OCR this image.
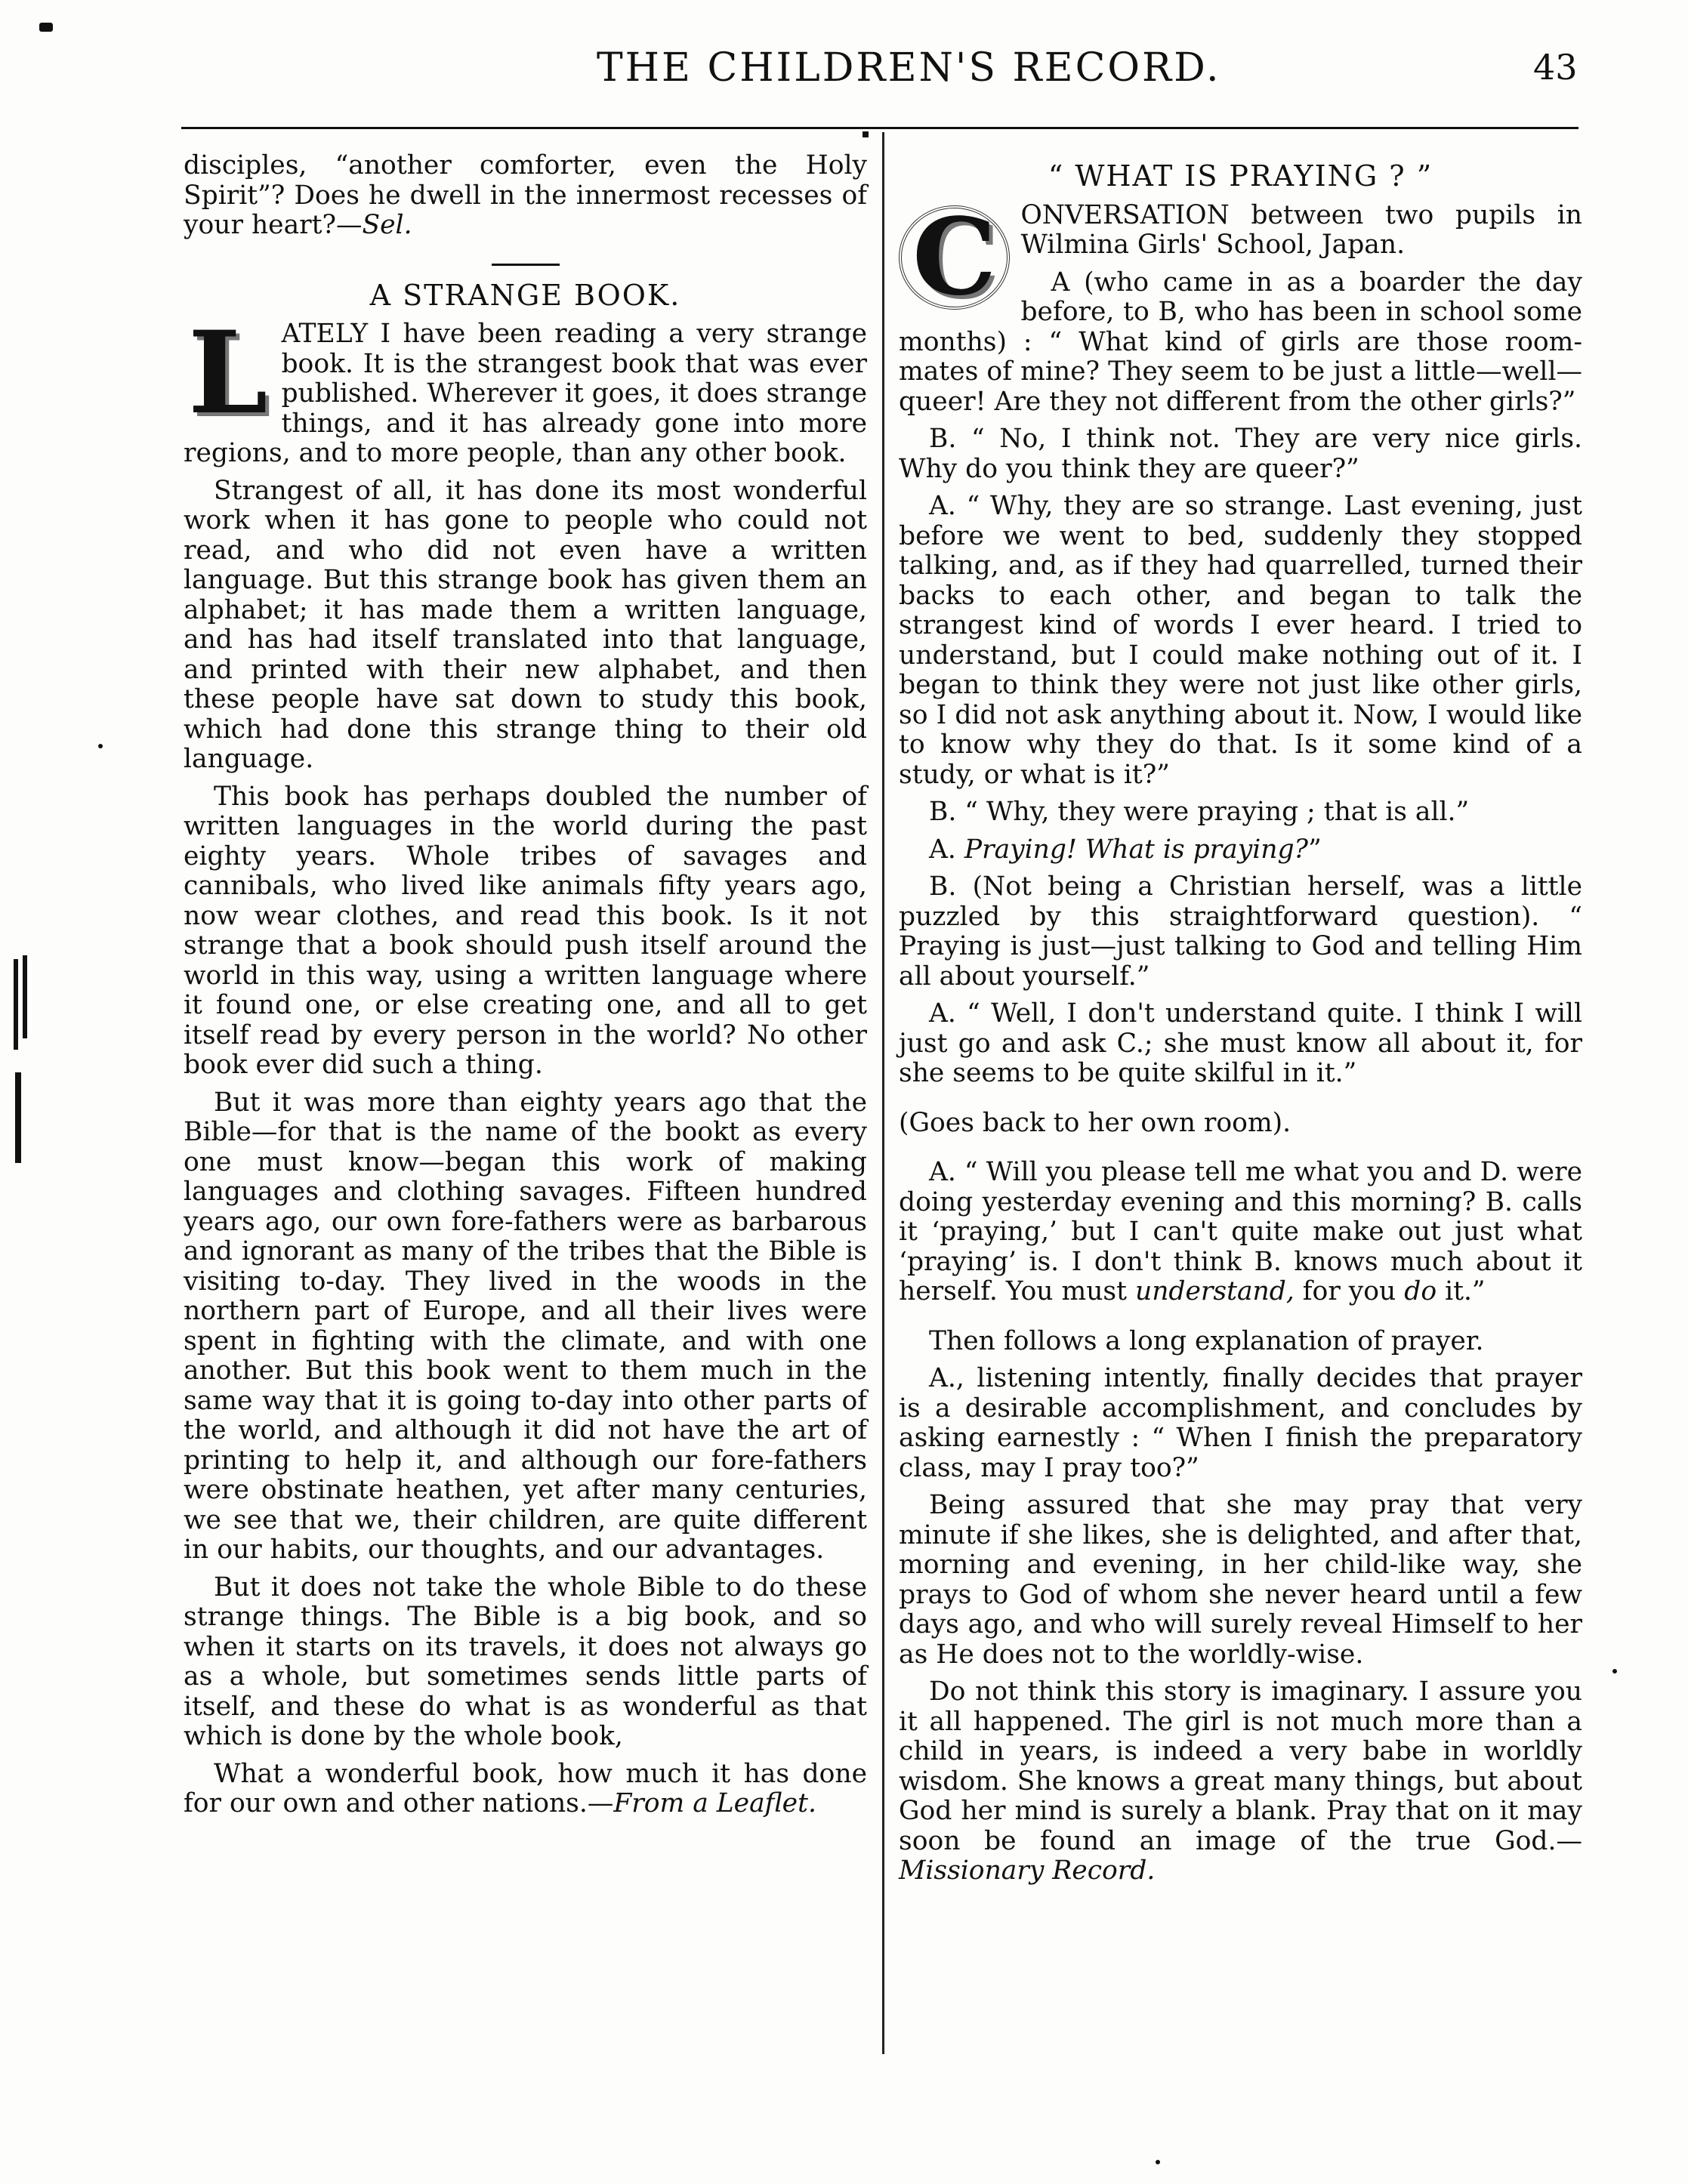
THE CHILDREN'S RECORD.	43

disciples, “another comforter, even the Holy Spirit”? Does he dwell in the innermost recesses of your heart?—Sel.

A STRANGE BOOK.

LATELY I have been reading a very strange book. It is the strangest book that was ever published. Wherever it goes, it does strange things, and it has already gone into more regions, and to more people, than any other book.

Strangest of all, it has done its most wonderful work when it has gone to people who could not read, and who did not even have a written language. But this strange book has given them an alphabet; it has made them a written language, and has had itself translated into that language, and printed with their new alphabet, and then these people have sat down to study this book, which had done this strange thing to their old language.

This book has perhaps doubled the number of written languages in the world during the past eighty years. Whole tribes of savages and cannibals, who lived like animals fifty years ago, now wear clothes, and read this book. Is it not strange that a book should push itself around the world in this way, using a written language where it found one, or else creating one, and all to get itself read by every person in the world? No other book ever did such a thing.

But it was more than eighty years ago that the Bible—for that is the name of the bookt as every one must know—began this work of making languages and clothing savages. Fifteen hundred years ago, our own fore-fathers were as barbarous and ignorant as many of the tribes that the Bible is visiting to-day. They lived in the woods in the northern part of Europe, and all their lives were spent in fighting with the climate, and with one another. But this book went to them much in the same way that it is going to-day into other parts of the world, and although it did not have the art of printing to help it, and although our fore-fathers were obstinate heathen, yet after many centuries, we see that we, their children, are quite different in our habits, our thoughts, and our advantages.

But it does not take the whole Bible to do these strange things. The Bible is a big book, and so when it starts on its travels, it does not always go as a whole, but sometimes sends little parts of itself, and these do what is as wonderful as that which is done by the whole book,

What a wonderful book, how much it has done for our own and other nations.—From a Leaflet.

“ WHAT IS PRAYING ? ”

C ONVERSATION between two pupils in Wilmina Girls' School, Japan.

A (who came in as a boarder the day before, to B, who has been in school some months) : “ What kind of girls are those room-mates of mine? They seem to be just a little—well—queer! Are they not different from the other girls?”

B. “ No, I think not. They are very nice girls. Why do you think they are queer?”

A. “ Why, they are so strange. Last evening, just before we went to bed, suddenly they stopped talking, and, as if they had quarrelled, turned their backs to each other, and began to talk the strangest kind of words I ever heard. I tried to understand, but I could make nothing out of it. I began to think they were not just like other girls, so I did not ask anything about it. Now, I would like to know why they do that. Is it some kind of a study, or what is it?”

B. “ Why, they were praying ; that is all.”

A. Praying! What is praying?”

B. (Not being a Christian herself, was a little puzzled by this straightforward question). “ Praying is just—just talking to God and telling Him all about yourself.”

A. “ Well, I don't understand quite. I think I will just go and ask C.; she must know all about it, for she seems to be quite skilful in it.”

(Goes back to her own room).

A. “ Will you please tell me what you and D. were doing yesterday evening and this morning? B. calls it ‘praying,’ but I can't quite make out just what ‘praying’ is. I don't think B. knows much about it herself. You must understand, for you do it.”

Then follows a long explanation of prayer.

A., listening intently, finally decides that prayer is a desirable accomplishment, and concludes by asking earnestly : “ When I finish the preparatory class, may I pray too?”

Being assured that she may pray that very minute if she likes, she is delighted, and after that, morning and evening, in her child-like way, she prays to God of whom she never heard until a few days ago, and who will surely reveal Himself to her as He does not to the worldly-wise.

Do not think this story is imaginary. I assure you it all happened. The girl is not much more than a child in years, is indeed a very babe in worldly wisdom. She knows a great many things, but about God her mind is surely a blank. Pray that on it may soon be found an image of the true God.—Missionary Record.
